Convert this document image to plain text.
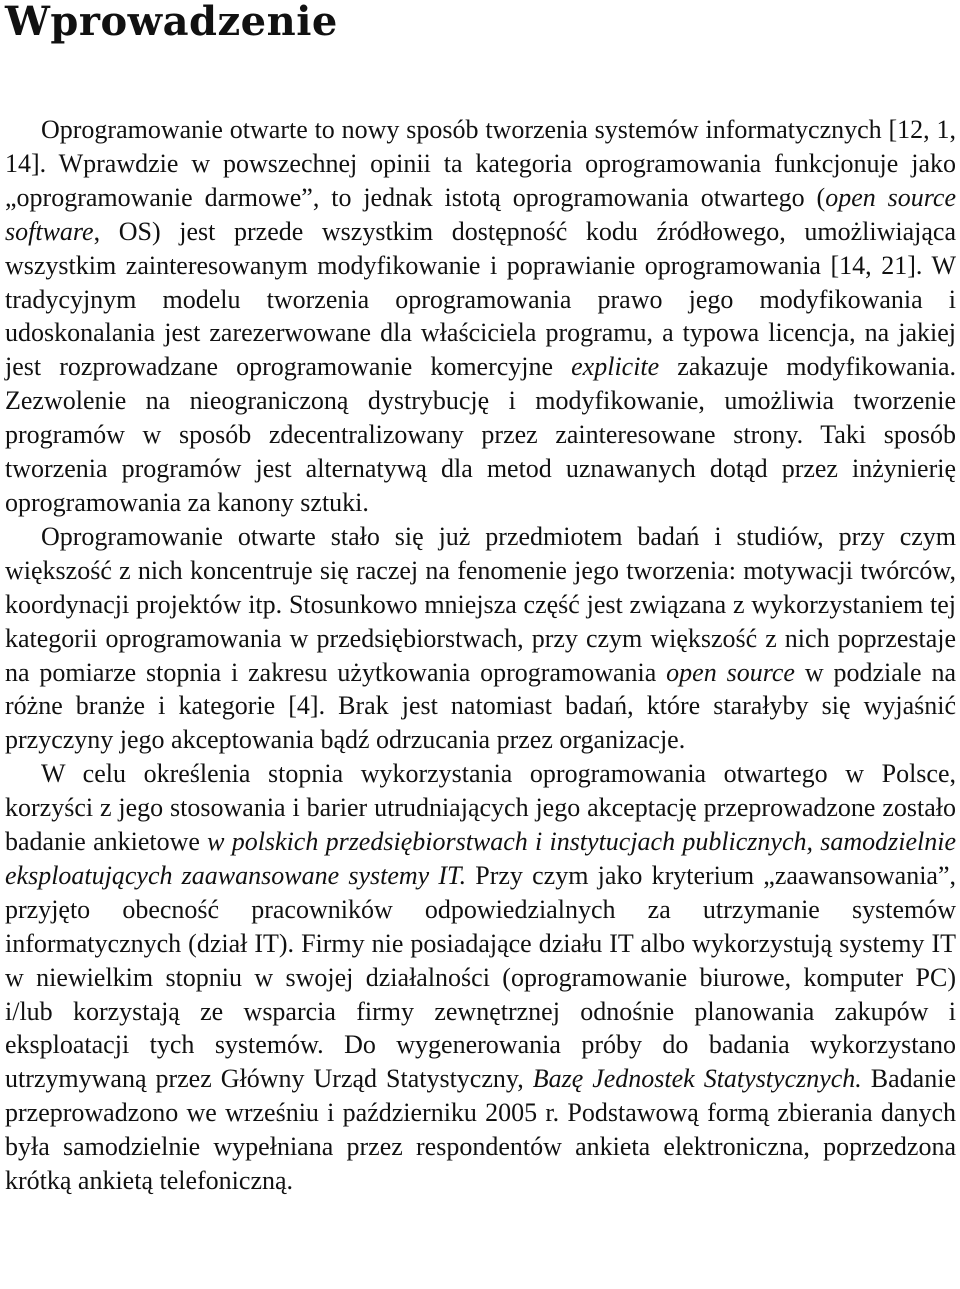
Wprowadzenie

Oprogramowanie otwarte to nowy sposób tworzenia systemów informatycznych [12, 1, 14]. Wprawdzie w powszechnej opinii ta kategoria oprogramowania funkcjonuje jako „oprogramowanie darmowe”, to jednak istotą oprogramowania otwartego (open source software, OS) jest przede wszystkim dostępność kodu źródłowego, umożliwiająca wszystkim zainteresowanym modyfikowanie i poprawianie oprogramowania [14, 21]. W tradycyjnym modelu tworzenia oprogramowania prawo jego modyfikowania i udoskonalania jest zarezerwowane dla właściciela programu, a typowa licencja, na jakiej jest rozprowadzane oprogramowanie komercyjne explicite zakazuje modyfikowania. Zezwolenie na nieograniczoną dystrybucję i modyfikowanie, umożliwia tworzenie programów w sposób zdecentralizowany przez zainteresowane strony. Taki sposób tworzenia programów jest alternatywą dla metod uznawanych dotąd przez inżynierię oprogramowania za kanony sztuki.

Oprogramowanie otwarte stało się już przedmiotem badań i studiów, przy czym większość z nich koncentruje się raczej na fenomenie jego tworzenia: motywacji twórców, koordynacji projektów itp. Stosunkowo mniejsza część jest związana z wykorzystaniem tej kategorii oprogramowania w przedsiębiorstwach, przy czym większość z nich poprzestaje na pomiarze stopnia i zakresu użytkowania oprogramowania open source w podziale na różne branże i kategorie [4]. Brak jest natomiast badań, które starałyby się wyjaśnić przyczyny jego akceptowania bądź odrzucania przez organizacje.

W celu określenia stopnia wykorzystania oprogramowania otwartego w Polsce, korzyści z jego stosowania i barier utrudniających jego akceptację przeprowadzone zostało badanie ankietowe w polskich przedsiębiorstwach i instytucjach publicznych, samodzielnie eksploatujących zaawansowane systemy IT. Przy czym jako kryterium „zaawansowania”, przyjęto obecność pracowników odpowiedzialnych za utrzymanie systemów informatycznych (dział IT). Firmy nie posiadające działu IT albo wykorzystują systemy IT w niewielkim stopniu w swojej działalności (oprogramowanie biurowe, komputer PC) i/lub korzystają ze wsparcia firmy zewnętrznej odnośnie planowania zakupów i eksploatacji tych systemów. Do wygenerowania próby do badania wykorzystano utrzymywaną przez Główny Urząd Statystyczny, Bazę Jednostek Statystycznych. Badanie przeprowadzono we wrześniu i październiku 2005 r. Podstawową formą zbierania danych była samodzielnie wypełniana przez respondentów ankieta elektroniczna, poprzedzona krótką ankietą telefoniczną.
